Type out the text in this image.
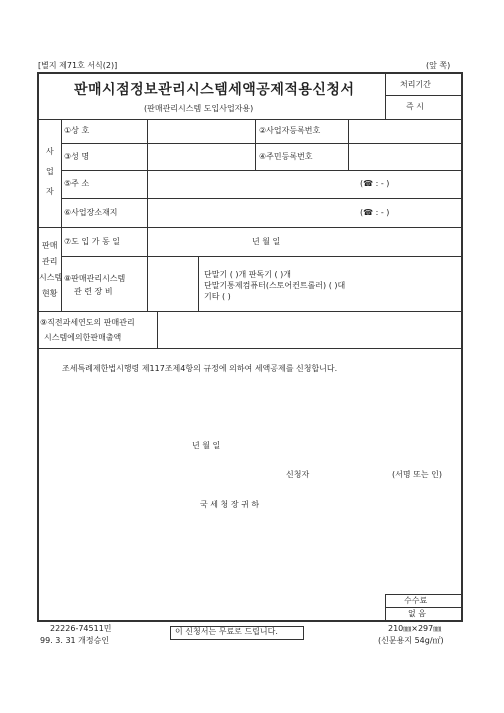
[별지 제71호 서식(2)]	(앞 쪽)
판매시점정보관리시스템세액공제적용신청서
(판매관리시스템 도입사업자용)
처리기간
즉 시
사
업
자
①상 호	②사업자등록번호
③성 명	④주민등록번호
⑤주 소	(☎ : - )
⑥사업장소재지	(☎ : - )
판매
관리
시스템
현황
⑦도 입 가 동 일	년 월 일
⑧판매관리시스템
관 련 장 비
단말기 ( )개 판독기 ( )개
단말기통제컴퓨터(스토어컨트롤러) ( )대
기타 ( )
⑨직전과세연도의 판매관리
시스템에의한판매출액
조세특례제한법시행령 제117조제4항의 규정에 의하여 세액공제를 신청합니다.
년 월 일
신청자	(서명 또는 인)
국 세 청 장 귀 하
수수료
없 음
22226-74511민
99. 3. 31 개정승인
이 신청서는 무료로 드립니다.	210㎜×297㎜
(신문용지 54g/㎡)
